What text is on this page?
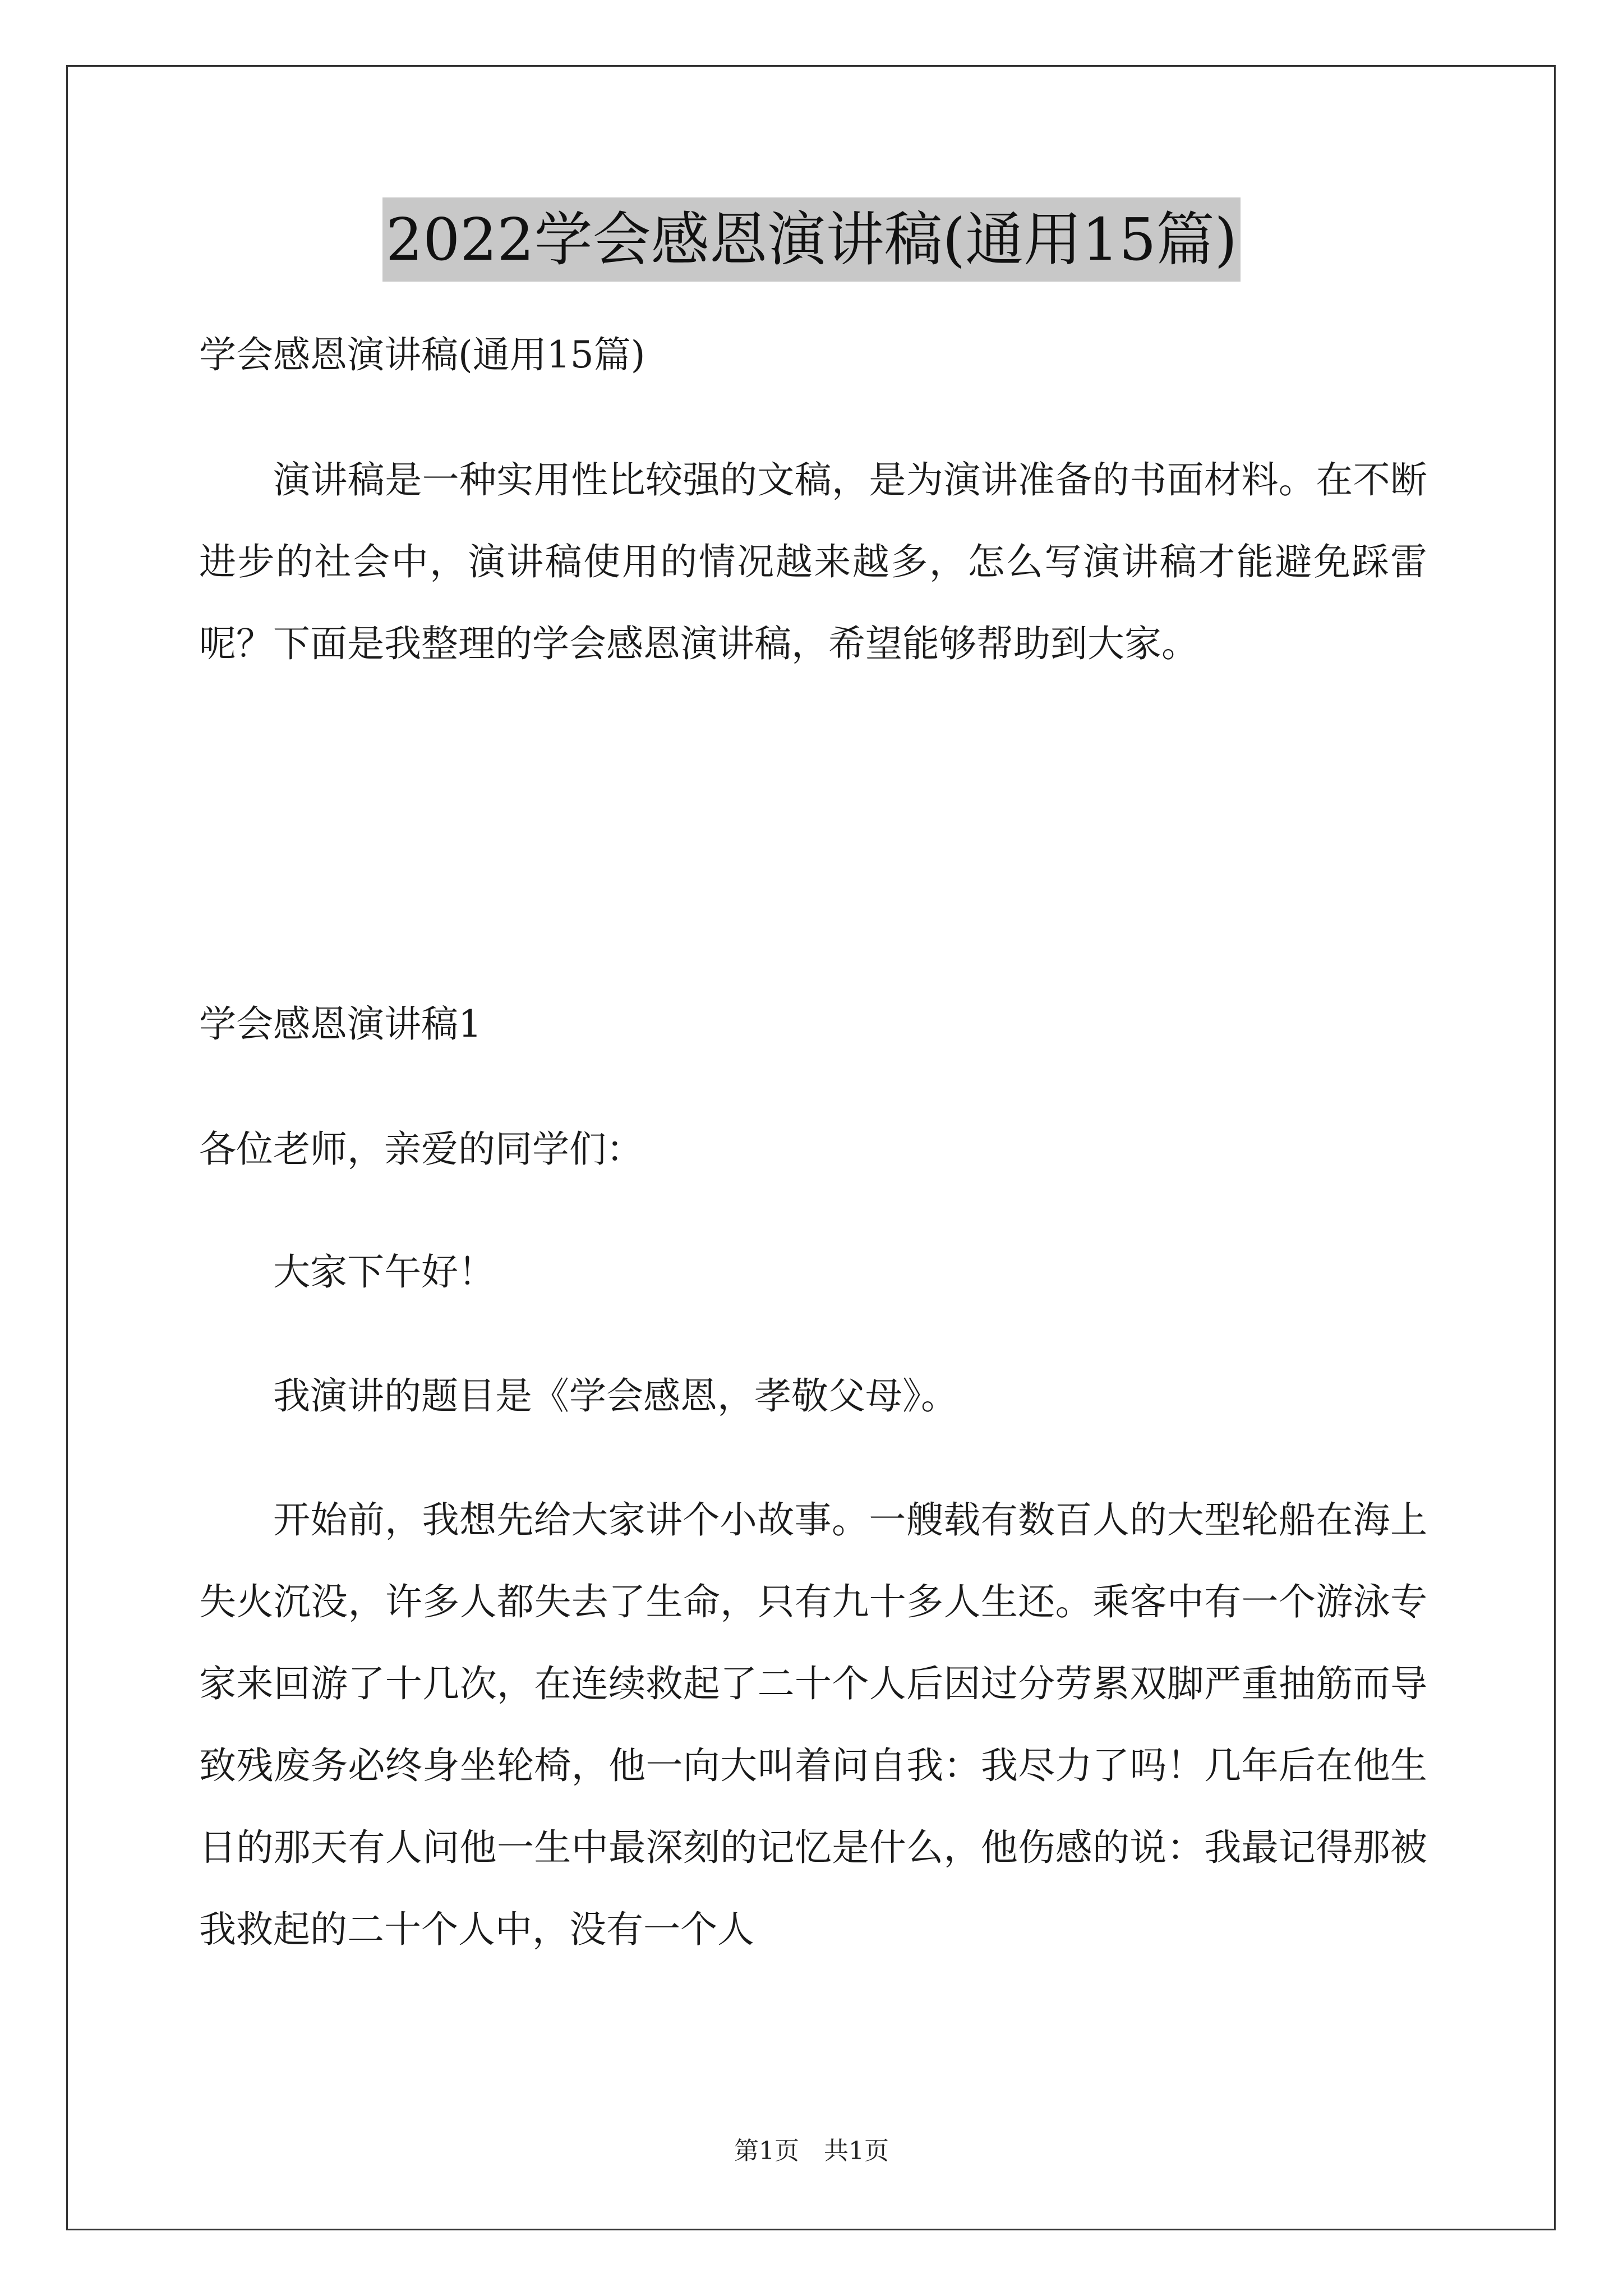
2022学会感恩演讲稿(通用15篇)

学会感恩演讲稿(通用15篇)

演讲稿是一种实用性比较强的文稿，是为演讲准备的书面材料。在不断进步的社会中，演讲稿使用的情况越来越多，怎么写演讲稿才能避免踩雷呢？下面是我整理的学会感恩演讲稿，希望能够帮助到大家。

学会感恩演讲稿1

各位老师，亲爱的同学们：

大家下午好！

我演讲的题目是《学会感恩，孝敬父母》。

开始前，我想先给大家讲个小故事。一艘载有数百人的大型轮船在海上失火沉没，许多人都失去了生命，只有九十多人生还。乘客中有一个游泳专家来回游了十几次，在连续救起了二十个人后因过分劳累双脚严重抽筋而导致残废务必终身坐轮椅，他一向大叫着问自我：我尽力了吗！几年后在他生日的那天有人问他一生中最深刻的记忆是什么，他伤感的说：我最记得那被我救起的二十个人中，没有一个人

第1页　共1页
